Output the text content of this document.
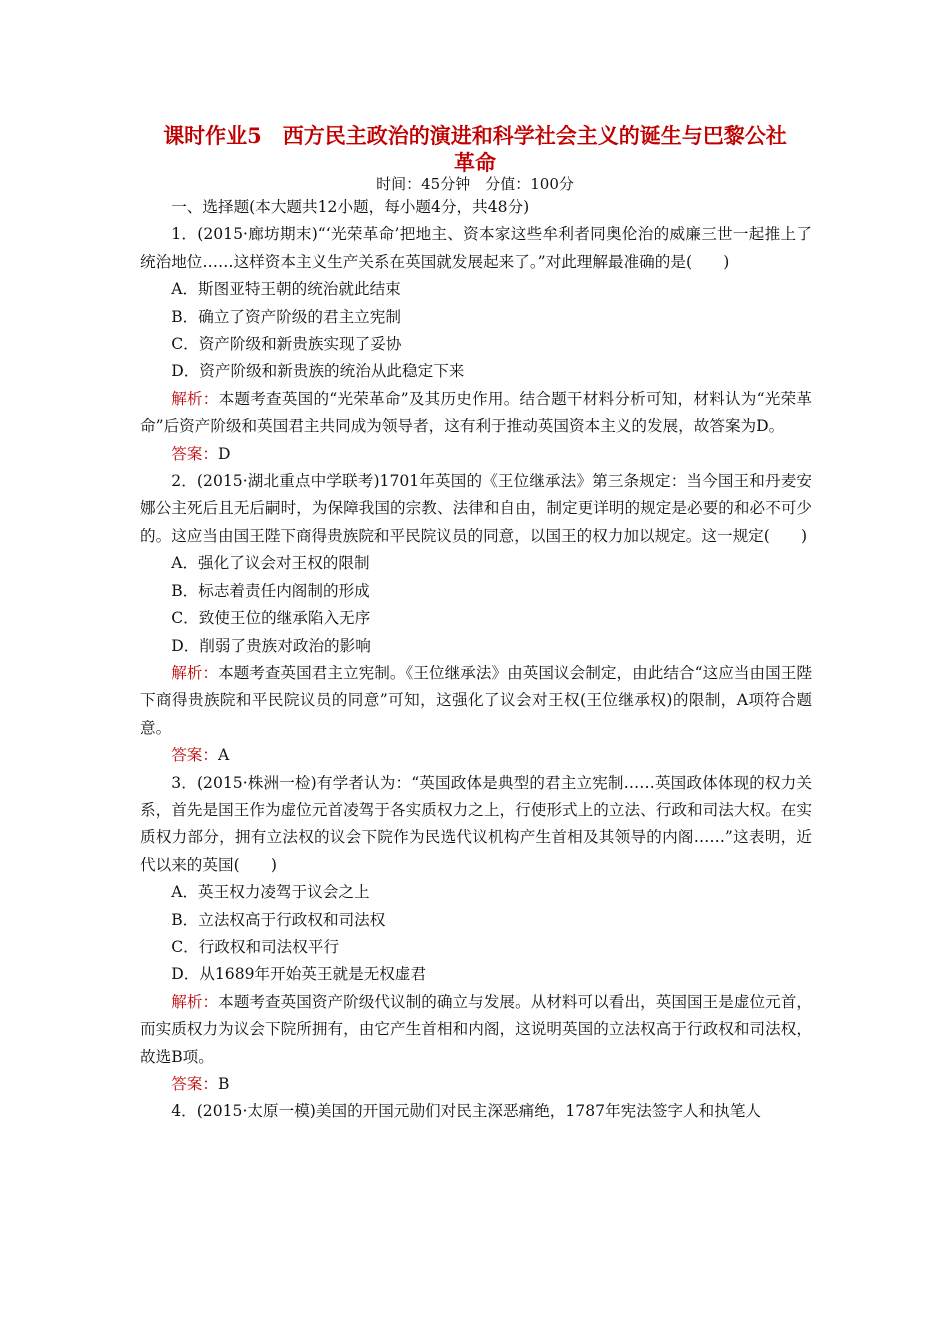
课时作业5　西方民主政治的演进和科学社会主义的诞生与巴黎公社
革命
时间：45分钟　分值：100分

一、选择题(本大题共12小题，每小题4分，共48分)

1．(2015·廊坊期末)“‘光荣革命’把地主、资本家这些牟利者同奥伦治的威廉三世一起推上了统治地位……这样资本主义生产关系在英国就发展起来了。”对此理解最准确的是(　　)

A．斯图亚特王朝的统治就此结束

B．确立了资产阶级的君主立宪制

C．资产阶级和新贵族实现了妥协

D．资产阶级和新贵族的统治从此稳定下来

解析：本题考查英国的“光荣革命”及其历史作用。结合题干材料分析可知，材料认为“光荣革命”后资产阶级和英国君主共同成为领导者，这有利于推动英国资本主义的发展，故答案为D。

答案：D

2．(2015·湖北重点中学联考)1701年英国的《王位继承法》第三条规定：当今国王和丹麦安娜公主死后且无后嗣时，为保障我国的宗教、法律和自由，制定更详明的规定是必要的和必不可少的。这应当由国王陛下商得贵族院和平民院议员的同意，以国王的权力加以规定。这一规定(　　)

A．强化了议会对王权的限制

B．标志着责任内阁制的形成

C．致使王位的继承陷入无序

D．削弱了贵族对政治的影响

解析：本题考查英国君主立宪制。《王位继承法》由英国议会制定，由此结合“这应当由国王陛下商得贵族院和平民院议员的同意”可知，这强化了议会对王权(王位继承权)的限制，A项符合题意。

答案：A

3．(2015·株洲一检)有学者认为：“英国政体是典型的君主立宪制……英国政体体现的权力关系，首先是国王作为虚位元首凌驾于各实质权力之上，行使形式上的立法、行政和司法大权。在实质权力部分，拥有立法权的议会下院作为民选代议机构产生首相及其领导的内阁……”这表明，近代以来的英国(　　)

A．英王权力凌驾于议会之上

B．立法权高于行政权和司法权

C．行政权和司法权平行

D．从1689年开始英王就是无权虚君

解析：本题考查英国资产阶级代议制的确立与发展。从材料可以看出，英国国王是虚位元首，而实质权力为议会下院所拥有，由它产生首相和内阁，这说明英国的立法权高于行政权和司法权，故选B项。

答案：B

4．(2015·太原一模)美国的开国元勋们对民主深恶痛绝，1787年宪法签字人和执笔人
